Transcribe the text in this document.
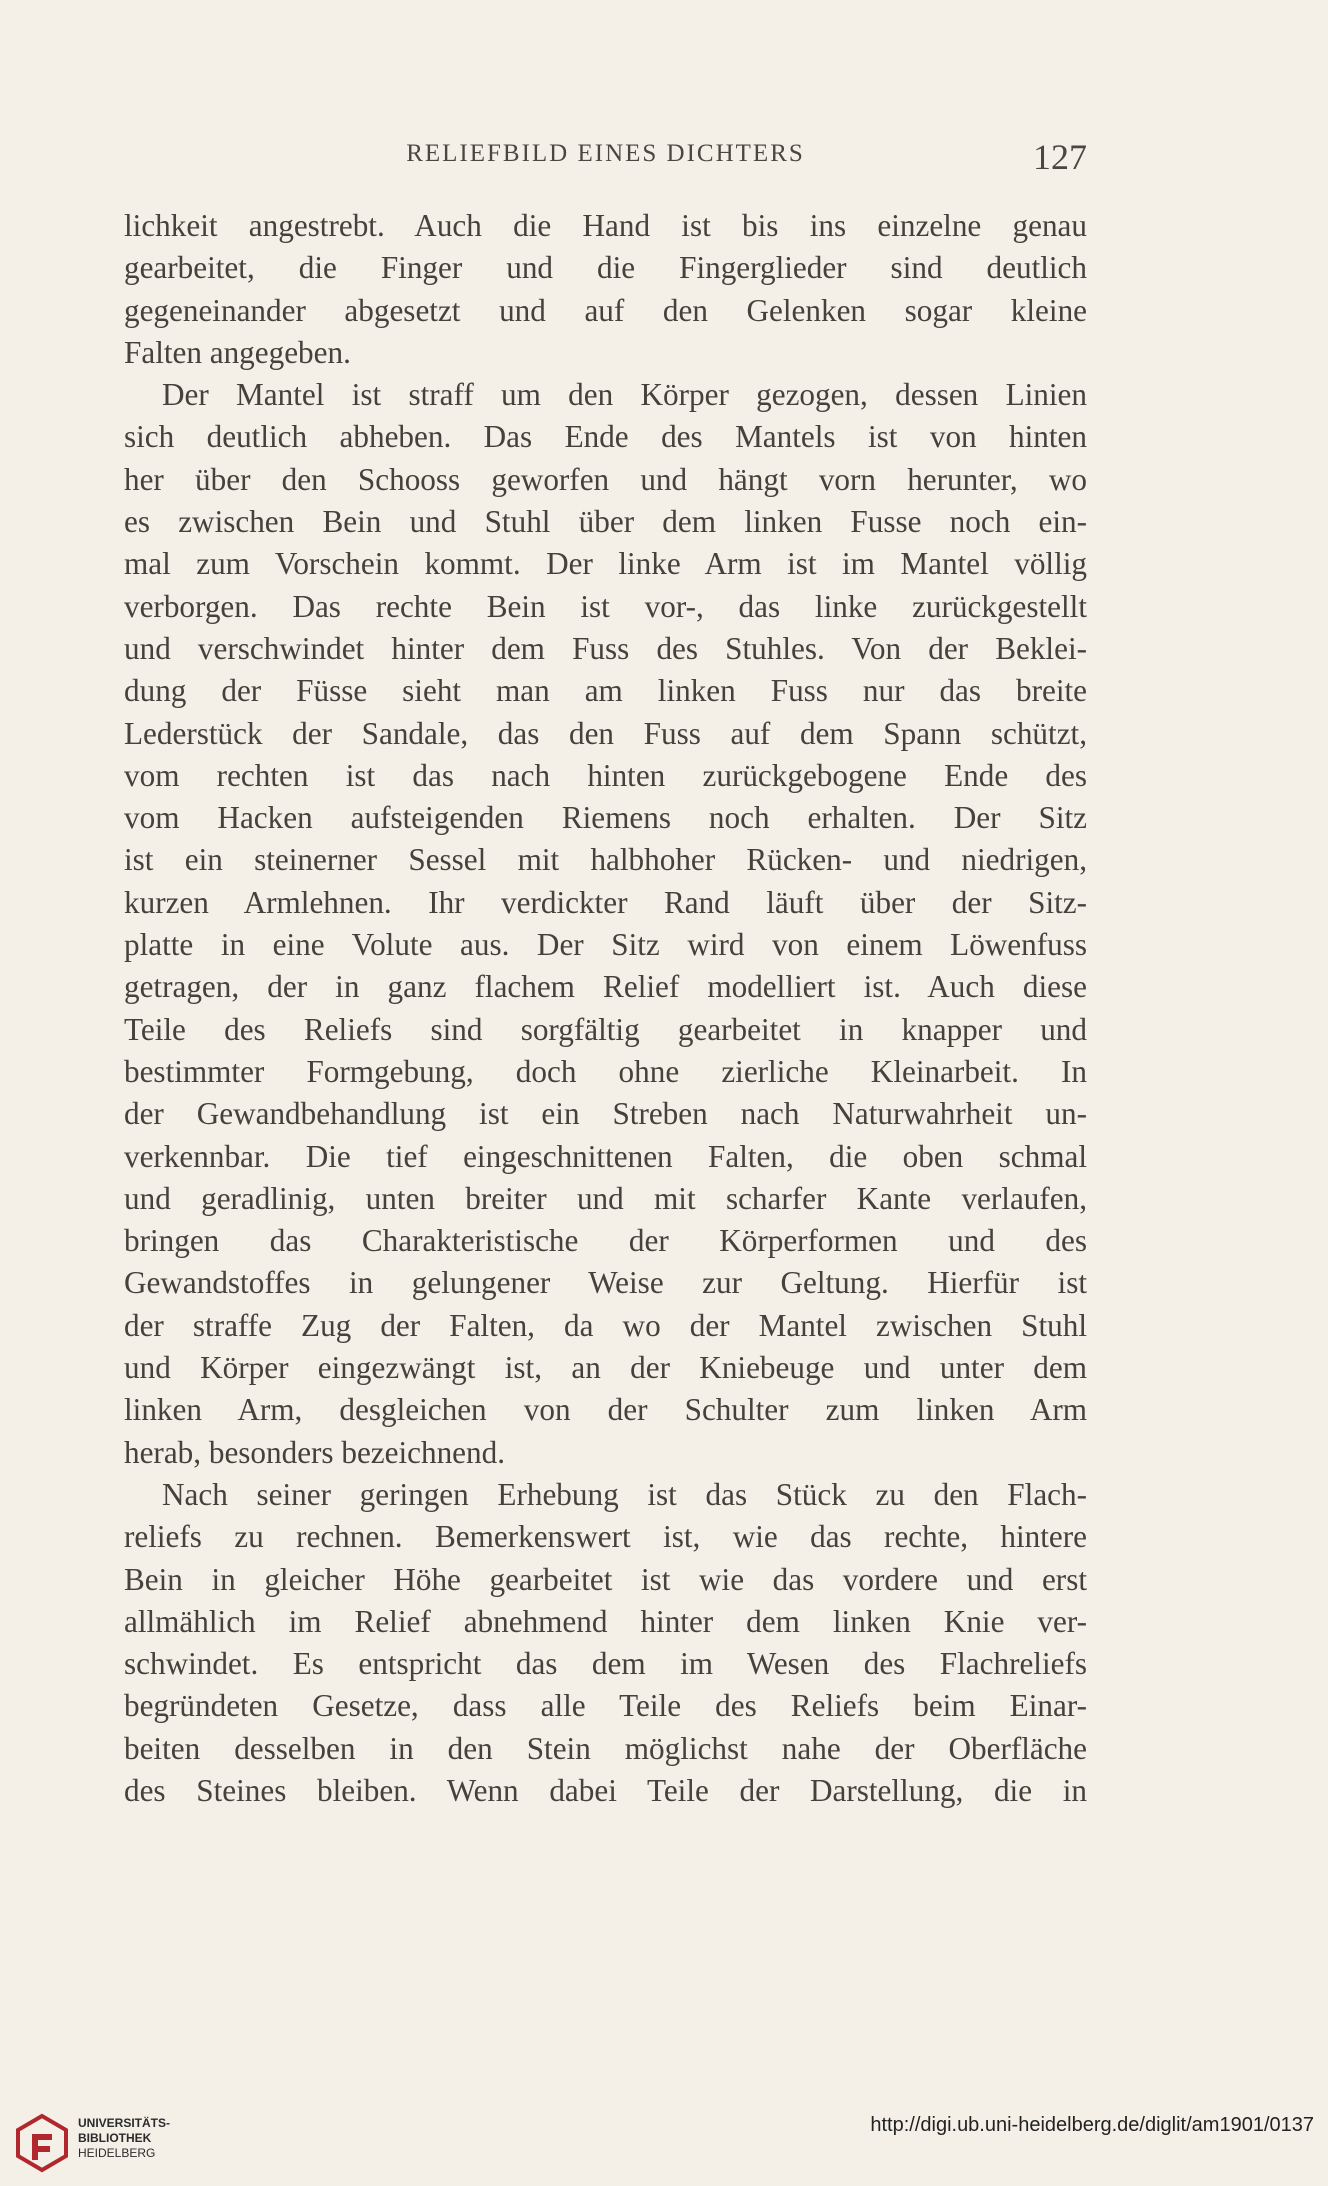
RELIEFBILD EINES DICHTERS	127
lichkeit angestrebt. Auch die Hand ist bis ins einzelne genau
gearbeitet, die Finger und die Fingerglieder sind deutlich
gegeneinander abgesetzt und auf den Gelenken sogar kleine
Falten angegeben.
Der Mantel ist straff um den Körper gezogen, dessen Linien
sich deutlich abheben. Das Ende des Mantels ist von hinten
her über den Schooss geworfen und hängt vorn herunter, wo
es zwischen Bein und Stuhl über dem linken Fusse noch ein-
mal zum Vorschein kommt. Der linke Arm ist im Mantel völlig
verborgen. Das rechte Bein ist vor-, das linke zurückgestellt
und verschwindet hinter dem Fuss des Stuhles. Von der Beklei-
dung der Füsse sieht man am linken Fuss nur das breite
Lederstück der Sandale, das den Fuss auf dem Spann schützt,
vom rechten ist das nach hinten zurückgebogene Ende des
vom Hacken aufsteigenden Riemens noch erhalten. Der Sitz
ist ein steinerner Sessel mit halbhoher Rücken- und niedrigen,
kurzen Armlehnen. Ihr verdickter Rand läuft über der Sitz-
platte in eine Volute aus. Der Sitz wird von einem Löwenfuss
getragen, der in ganz flachem Relief modelliert ist. Auch diese
Teile des Reliefs sind sorgfältig gearbeitet in knapper und
bestimmter Formgebung, doch ohne zierliche Kleinarbeit. In
der Gewandbehandlung ist ein Streben nach Naturwahrheit un-
verkennbar. Die tief eingeschnittenen Falten, die oben schmal
und geradlinig, unten breiter und mit scharfer Kante verlaufen,
bringen das Charakteristische der Körperformen und des
Gewandstoffes in gelungener Weise zur Geltung. Hierfür ist
der straffe Zug der Falten, da wo der Mantel zwischen Stuhl
und Körper eingezwängt ist, an der Kniebeuge und unter dem
linken Arm, desgleichen von der Schulter zum linken Arm
herab, besonders bezeichnend.
Nach seiner geringen Erhebung ist das Stück zu den Flach-
reliefs zu rechnen. Bemerkenswert ist, wie das rechte, hintere
Bein in gleicher Höhe gearbeitet ist wie das vordere und erst
allmählich im Relief abnehmend hinter dem linken Knie ver-
schwindet. Es entspricht das dem im Wesen des Flachreliefs
begründeten Gesetze, dass alle Teile des Reliefs beim Einar-
beiten desselben in den Stein möglichst nahe der Oberfläche
des Steines bleiben. Wenn dabei Teile der Darstellung, die in
UNIVERSITÄTS-
BIBLIOTHEK
HEIDELBERG
http://digi.ub.uni-heidelberg.de/diglit/am1901/0137
